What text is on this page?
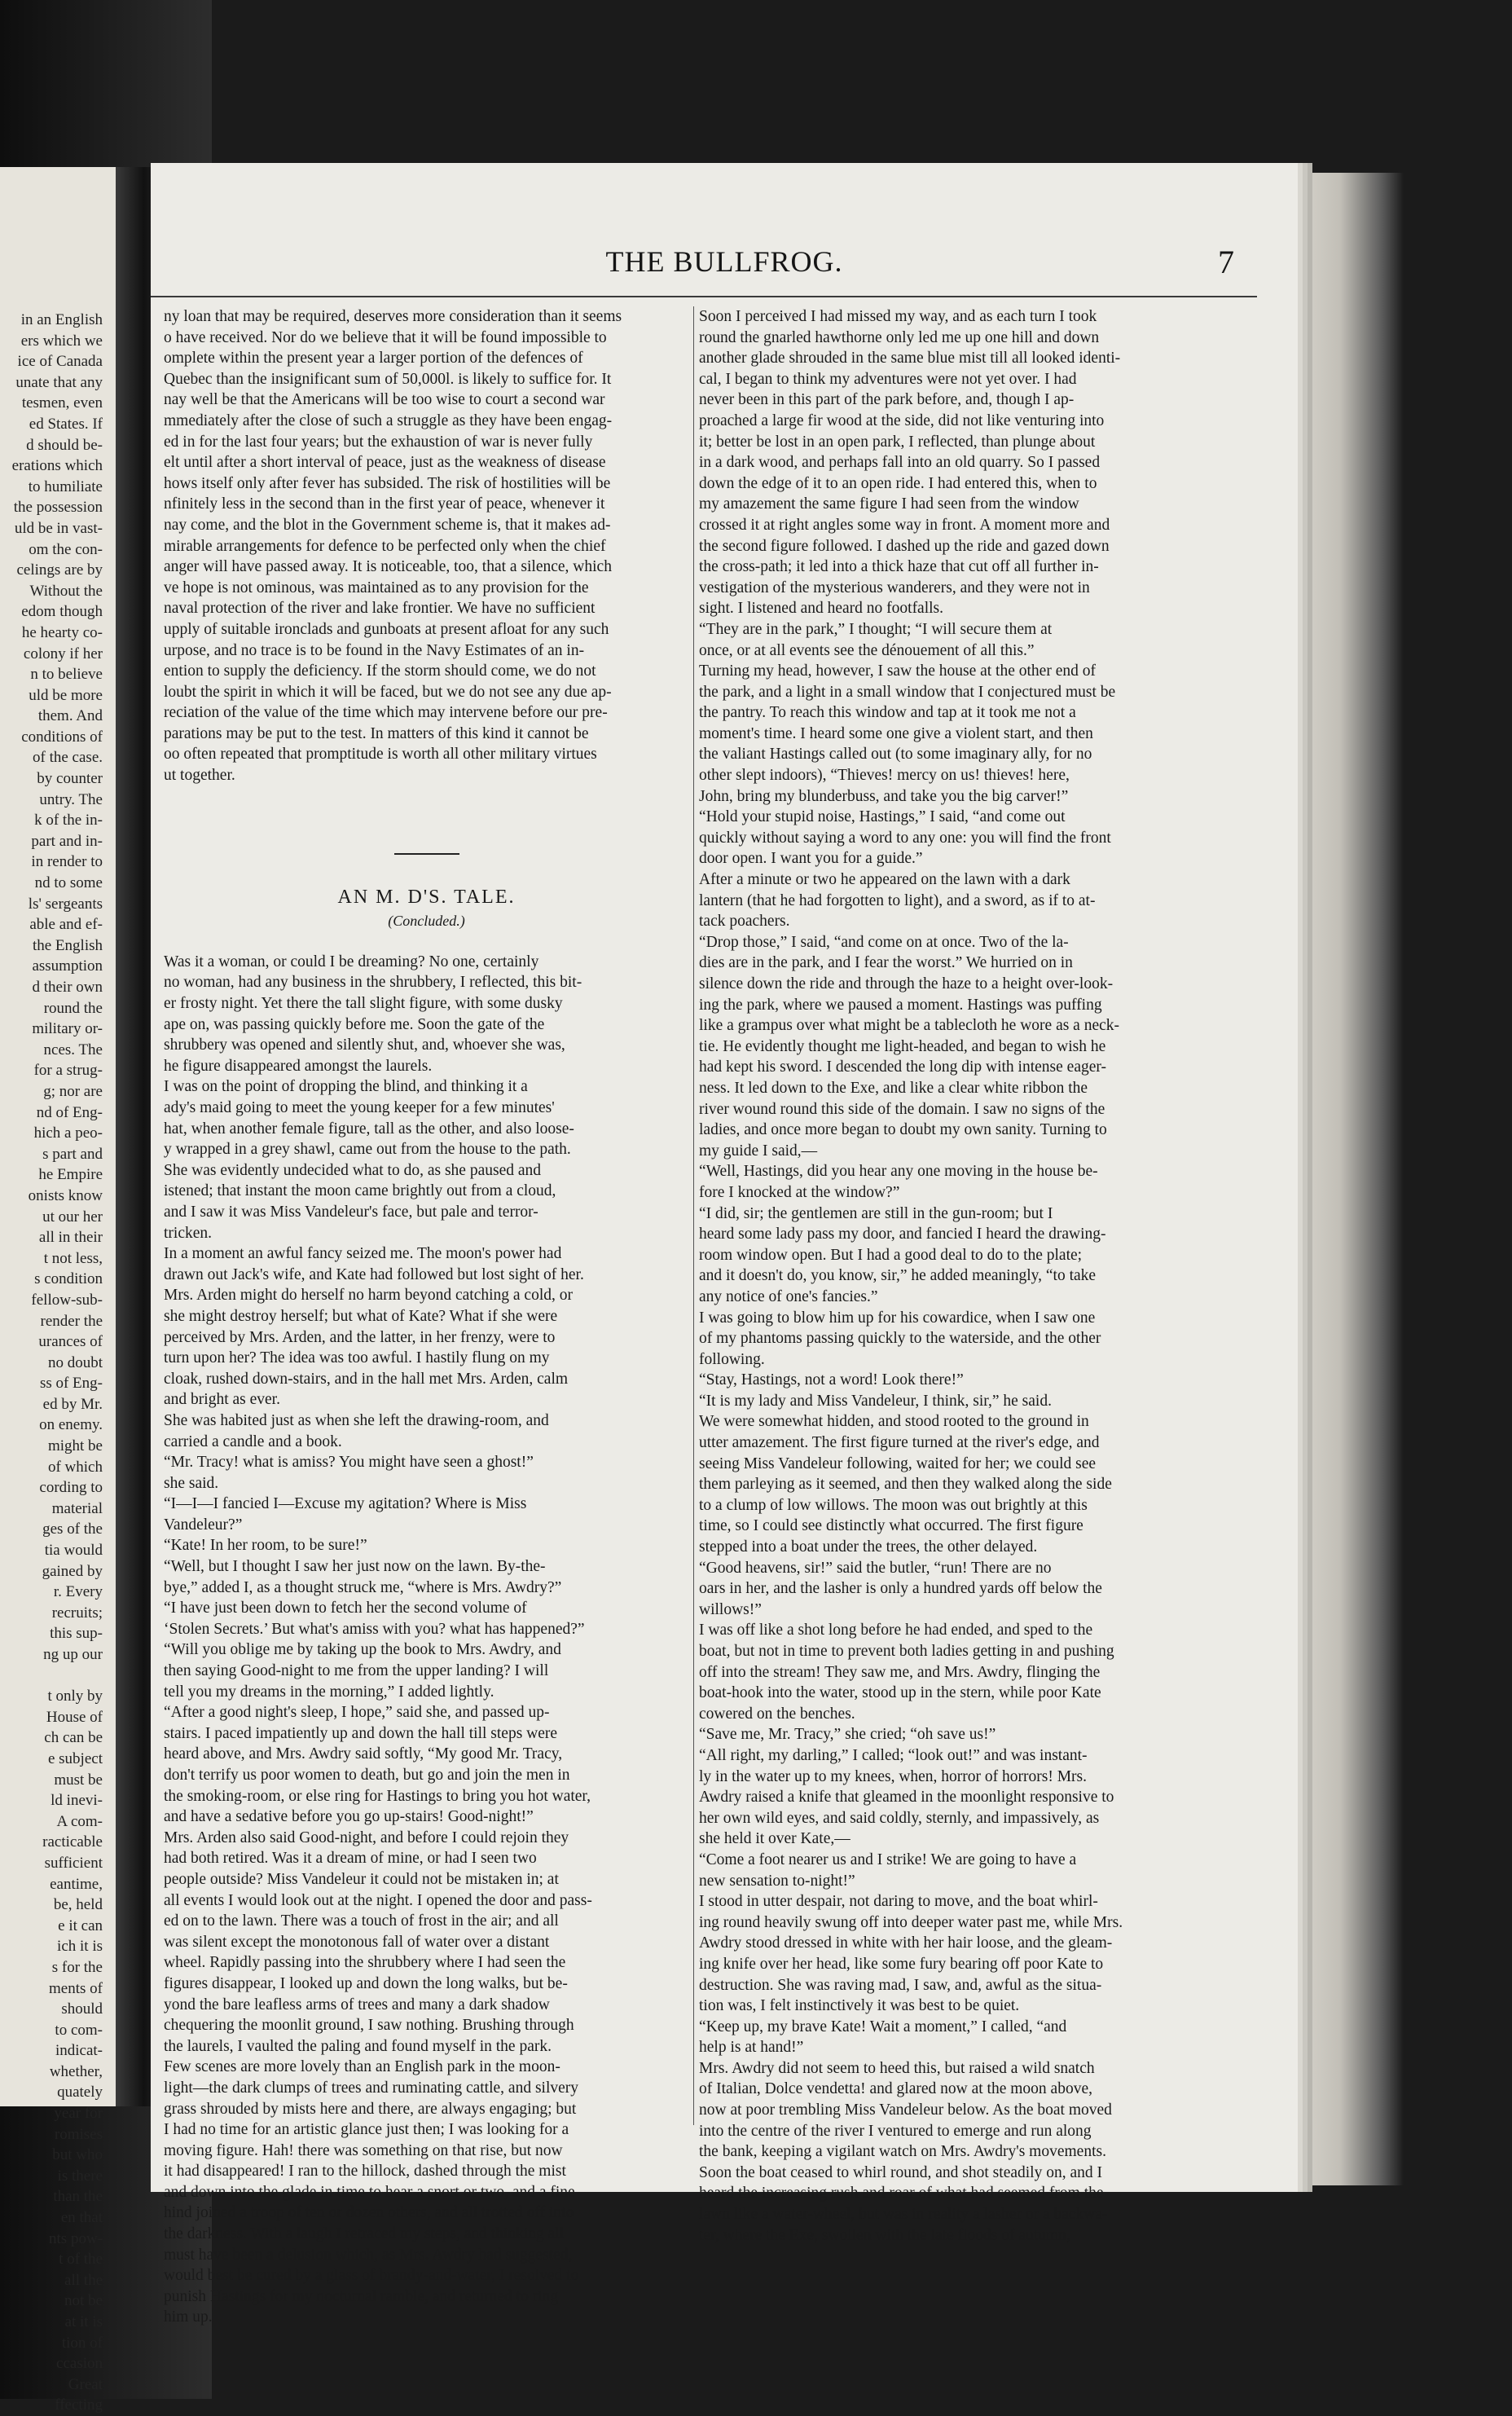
in an English
ers which we
ice of Canada
unate that any
tesmen, even
ed States. If
d should be-
erations which
to humiliate
the possession
uld be in vast-
om the con-
celings are by
Without the
edom though
he hearty co-
colony if her
n to believe
uld be more
them. And
conditions of
of the case.
by counter
untry. The
k of the in-
part and in-
in render to
nd to some
ls' sergeants
able and ef-
the English
assumption
d their own
round the
military or-
nces. The
for a strug-
g; nor are
nd of Eng-
hich a peo-
s part and
he Empire
onists know
ut our her
all in their
t not less,
s condition
fellow-sub-
render the
urances of
no doubt
ss of Eng-
ed by Mr.
on enemy.
might be
of which
cording to
material
ges of the
tia would
gained by
r. Every
recruits;
this sup-
ng up our

t only by
House of
ch can be
e subject
must be
ld inevi-
A com-
racticable
sufficient
eantime,
be, held
e it can
ich it is
s for the
ments of
should
to com-
indicat-
whether,
quately
year for
romises
but who
is there
than the
en that
nts pow-
t of the
all the
not be
at it is
tion of
ccasion
Great
ffecting
THE BULLFROG.	7
ny loan that may be required, deserves more consideration than it seems
o have received. Nor do we believe that it will be found impossible to
omplete within the present year a larger portion of the defences of
Quebec than the insignificant sum of 50,000l. is likely to suffice for. It
nay well be that the Americans will be too wise to court a second war
mmediately after the close of such a struggle as they have been engag-
ed in for the last four years; but the exhaustion of war is never fully
elt until after a short interval of peace, just as the weakness of disease
hows itself only after fever has subsided. The risk of hostilities will be
nfinitely less in the second than in the first year of peace, whenever it
nay come, and the blot in the Government scheme is, that it makes ad-
mirable arrangements for defence to be perfected only when the chief
anger will have passed away. It is noticeable, too, that a silence, which
ve hope is not ominous, was maintained as to any provision for the
naval protection of the river and lake frontier. We have no sufficient
upply of suitable ironclads and gunboats at present afloat for any such
urpose, and no trace is to be found in the Navy Estimates of an in-
ention to supply the deficiency. If the storm should come, we do not
loubt the spirit in which it will be faced, but we do not see any due ap-
reciation of the value of the time which may intervene before our pre-
parations may be put to the test. In matters of this kind it cannot be
oo often repeated that promptitude is worth all other military virtues
ut together.
AN M. D'S. TALE.
(Concluded.)
Was it a woman, or could I be dreaming? No one, certainly
no woman, had any business in the shrubbery, I reflected, this bit-
er frosty night. Yet there the tall slight figure, with some dusky
ape on, was passing quickly before me. Soon the gate of the
shrubbery was opened and silently shut, and, whoever she was,
he figure disappeared amongst the laurels.
I was on the point of dropping the blind, and thinking it a
ady's maid going to meet the young keeper for a few minutes'
hat, when another female figure, tall as the other, and also loose-
y wrapped in a grey shawl, came out from the house to the path.
She was evidently undecided what to do, as she paused and
istened; that instant the moon came brightly out from a cloud,
and I saw it was Miss Vandeleur's face, but pale and terror-
tricken.
In a moment an awful fancy seized me. The moon's power had
drawn out Jack's wife, and Kate had followed but lost sight of her.
Mrs. Arden might do herself no harm beyond catching a cold, or
she might destroy herself; but what of Kate? What if she were
perceived by Mrs. Arden, and the latter, in her frenzy, were to
turn upon her? The idea was too awful. I hastily flung on my
cloak, rushed down-stairs, and in the hall met Mrs. Arden, calm
and bright as ever.
She was habited just as when she left the drawing-room, and
carried a candle and a book.
“Mr. Tracy! what is amiss? You might have seen a ghost!”
she said.
“I—I—I fancied I—Excuse my agitation? Where is Miss
Vandeleur?”
“Kate! In her room, to be sure!”
“Well, but I thought I saw her just now on the lawn. By-the-
bye,” added I, as a thought struck me, “where is Mrs. Awdry?”
“I have just been down to fetch her the second volume of
‘Stolen Secrets.’ But what's amiss with you? what has happened?”
“Will you oblige me by taking up the book to Mrs. Awdry, and
then saying Good-night to me from the upper landing? I will
tell you my dreams in the morning,” I added lightly.
“After a good night's sleep, I hope,” said she, and passed up-
stairs. I paced impatiently up and down the hall till steps were
heard above, and Mrs. Awdry said softly, “My good Mr. Tracy,
don't terrify us poor women to death, but go and join the men in
the smoking-room, or else ring for Hastings to bring you hot water,
and have a sedative before you go up-stairs! Good-night!”
Mrs. Arden also said Good-night, and before I could rejoin they
had both retired. Was it a dream of mine, or had I seen two
people outside? Miss Vandeleur it could not be mistaken in; at
all events I would look out at the night. I opened the door and pass-
ed on to the lawn. There was a touch of frost in the air; and all
was silent except the monotonous fall of water over a distant
wheel. Rapidly passing into the shrubbery where I had seen the
figures disappear, I looked up and down the long walks, but be-
yond the bare leafless arms of trees and many a dark shadow
chequering the moonlit ground, I saw nothing. Brushing through
the laurels, I vaulted the paling and found myself in the park.
Few scenes are more lovely than an English park in the moon-
light—the dark clumps of trees and ruminating cattle, and silvery
grass shrouded by mists here and there, are always engaging; but
I had no time for an artistic glance just then; I was looking for a
moving figure. Hah! there was something on that rise, but now
it had disappeared! I ran to the hillock, dashed through the mist
and down into the glade in time to hear a snort or two, and a fine
hind joined a troop of ten or dozen others, and all trotted off into
the darkness. With a laugh I retraced my steps, and thinking all
must have been a delusion which, as Mrs. Awdry had suggested,
would best be cured by a glass of brandy-and-water, I resolved to
punish Hastings for my nocturnal ramble, and returned to ring
him up.
Soon I perceived I had missed my way, and as each turn I took
round the gnarled hawthorne only led me up one hill and down
another glade shrouded in the same blue mist till all looked identi-
cal, I began to think my adventures were not yet over. I had
never been in this part of the park before, and, though I ap-
proached a large fir wood at the side, did not like venturing into
it; better be lost in an open park, I reflected, than plunge about
in a dark wood, and perhaps fall into an old quarry. So I passed
down the edge of it to an open ride. I had entered this, when to
my amazement the same figure I had seen from the window
crossed it at right angles some way in front. A moment more and
the second figure followed. I dashed up the ride and gazed down
the cross-path; it led into a thick haze that cut off all further in-
vestigation of the mysterious wanderers, and they were not in
sight. I listened and heard no footfalls.
“They are in the park,” I thought; “I will secure them at
once, or at all events see the dénouement of all this.”
Turning my head, however, I saw the house at the other end of
the park, and a light in a small window that I conjectured must be
the pantry. To reach this window and tap at it took me not a
moment's time. I heard some one give a violent start, and then
the valiant Hastings called out (to some imaginary ally, for no
other slept indoors), “Thieves! mercy on us! thieves! here,
John, bring my blunderbuss, and take you the big carver!”
“Hold your stupid noise, Hastings,” I said, “and come out
quickly without saying a word to any one: you will find the front
door open. I want you for a guide.”
After a minute or two he appeared on the lawn with a dark
lantern (that he had forgotten to light), and a sword, as if to at-
tack poachers.
“Drop those,” I said, “and come on at once. Two of the la-
dies are in the park, and I fear the worst.” We hurried on in
silence down the ride and through the haze to a height over-look-
ing the park, where we paused a moment. Hastings was puffing
like a grampus over what might be a tablecloth he wore as a neck-
tie. He evidently thought me light-headed, and began to wish he
had kept his sword. I descended the long dip with intense eager-
ness. It led down to the Exe, and like a clear white ribbon the
river wound round this side of the domain. I saw no signs of the
ladies, and once more began to doubt my own sanity. Turning to
my guide I said,—
“Well, Hastings, did you hear any one moving in the house be-
fore I knocked at the window?”
“I did, sir; the gentlemen are still in the gun-room; but I
heard some lady pass my door, and fancied I heard the drawing-
room window open. But I had a good deal to do to the plate;
and it doesn't do, you know, sir,” he added meaningly, “to take
any notice of one's fancies.”
I was going to blow him up for his cowardice, when I saw one
of my phantoms passing quickly to the waterside, and the other
following.
“Stay, Hastings, not a word! Look there!”
“It is my lady and Miss Vandeleur, I think, sir,” he said.
We were somewhat hidden, and stood rooted to the ground in
utter amazement. The first figure turned at the river's edge, and
seeing Miss Vandeleur following, waited for her; we could see
them parleying as it seemed, and then they walked along the side
to a clump of low willows. The moon was out brightly at this
time, so I could see distinctly what occurred. The first figure
stepped into a boat under the trees, the other delayed.
“Good heavens, sir!” said the butler, “run! There are no
oars in her, and the lasher is only a hundred yards off below the
willows!”
I was off like a shot long before he had ended, and sped to the
boat, but not in time to prevent both ladies getting in and pushing
off into the stream! They saw me, and Mrs. Awdry, flinging the
boat-hook into the water, stood up in the stern, while poor Kate
cowered on the benches.
“Save me, Mr. Tracy,” she cried; “oh save us!”
“All right, my darling,” I called; “look out!” and was instant-
ly in the water up to my knees, when, horror of horrors! Mrs.
Awdry raised a knife that gleamed in the moonlight responsive to
her own wild eyes, and said coldly, sternly, and impassively, as
she held it over Kate,—
“Come a foot nearer us and I strike! We are going to have a
new sensation to-night!”
I stood in utter despair, not daring to move, and the boat whirl-
ing round heavily swung off into deeper water past me, while Mrs.
Awdry stood dressed in white with her hair loose, and the gleam-
ing knife over her head, like some fury bearing off poor Kate to
destruction. She was raving mad, I saw, and, awful as the situa-
tion was, I felt instinctively it was best to be quiet.
“Keep up, my brave Kate! Wait a moment,” I called, “and
help is at hand!”
Mrs. Awdry did not seem to heed this, but raised a wild snatch
of Italian, Dolce vendetta! and glared now at the moon above,
now at poor trembling Miss Vandeleur below. As the boat moved
into the centre of the river I ventured to emerge and run along
the bank, keeping a vigilant watch on Mrs. Awdry's movements.
Soon the boat ceased to whirl round, and shot steadily on, and I
heard the increasing rush and roar of what had seemed from the
lawn like a water-wheel, but was in reality a lasher or a backwa-
ter, where the Exe, swollen with the late floods of autumn,
